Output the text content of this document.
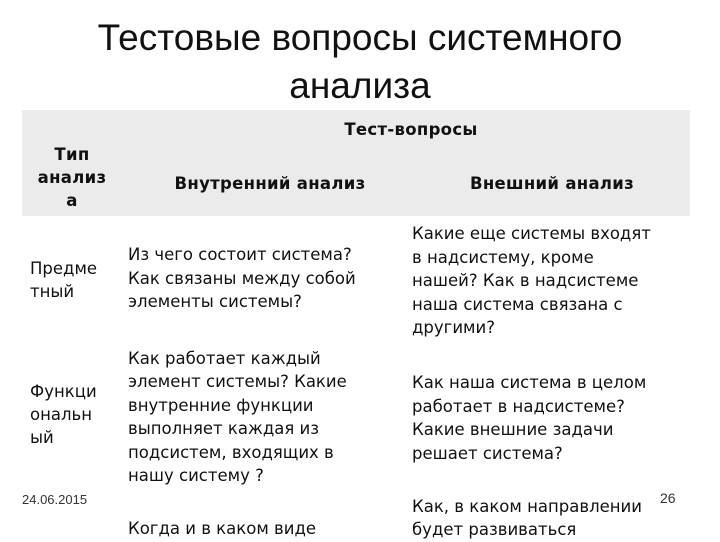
Тестовые вопросы системного
анализа
Тип
анализ
а
Тест-вопросы
Внутренний анализ	Внешний анализ
Предме
тный
Из чего состоит система?
Как связаны между собой
элементы системы?
Какие еще системы входят
в надсистему, кроме
нашей? Как в надсистеме
наша система связана с
другими?
Функци
ональн
ый
Как работает каждый
элемент системы? Какие
внутренние функции
выполняет каждая из
подсистем, входящих в
нашу систему ?
Как наша система в целом
работает в надсистеме?
Какие внешние задачи
решает система?
Когда и в каком виде
Как, в каком направлении
будет развиваться
24.06.2015	26
